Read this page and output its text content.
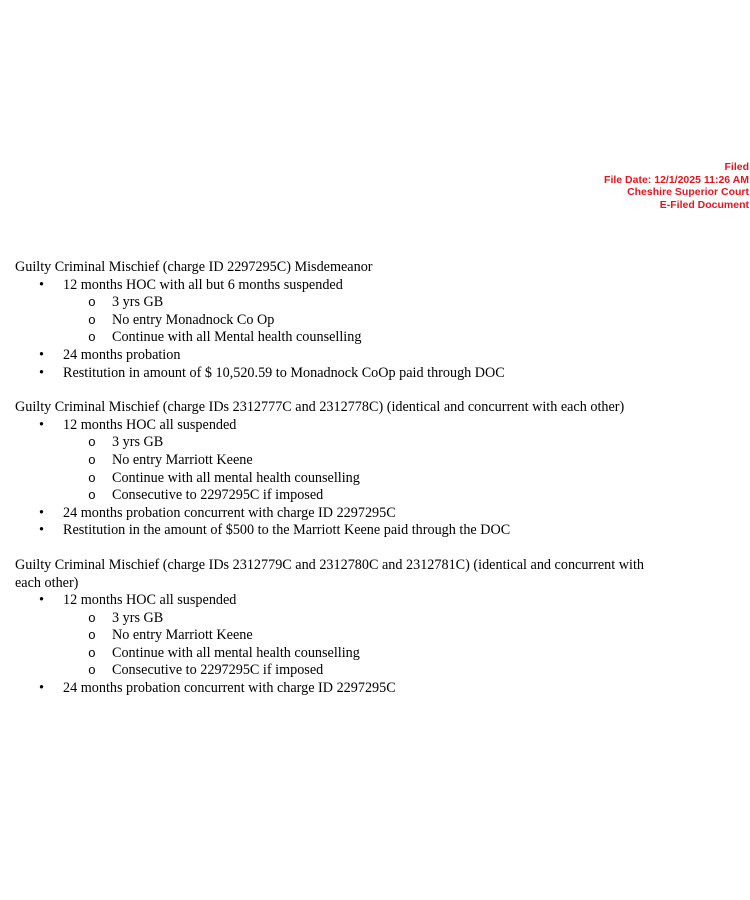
Filed
File Date: 12/1/2025 11:26 AM
Cheshire Superior Court
E-Filed Document

Guilty Criminal Mischief (charge ID 2297295C) Misdemeanor

• 12 months HOC with all but 6 months suspended
o 3 yrs GB
o No entry Monadnock Co Op
o Continue with all Mental health counselling
• 24 months probation
• Restitution in amount of $ 10,520.59 to Monadnock CoOp paid through DOC

Guilty Criminal Mischief (charge IDs 2312777C and 2312778C) (identical and concurrent with each other)

• 12 months HOC all suspended
o 3 yrs GB
o No entry Marriott Keene
o Continue with all mental health counselling
o Consecutive to 2297295C if imposed
• 24 months probation concurrent with charge ID 2297295C
• Restitution in the amount of $500 to the Marriott Keene paid through the DOC

Guilty Criminal Mischief (charge IDs 2312779C and 2312780C and 2312781C) (identical and concurrent with each other)

• 12 months HOC all suspended
o 3 yrs GB
o No entry Marriott Keene
o Continue with all mental health counselling
o Consecutive to 2297295C if imposed
• 24 months probation concurrent with charge ID 2297295C
